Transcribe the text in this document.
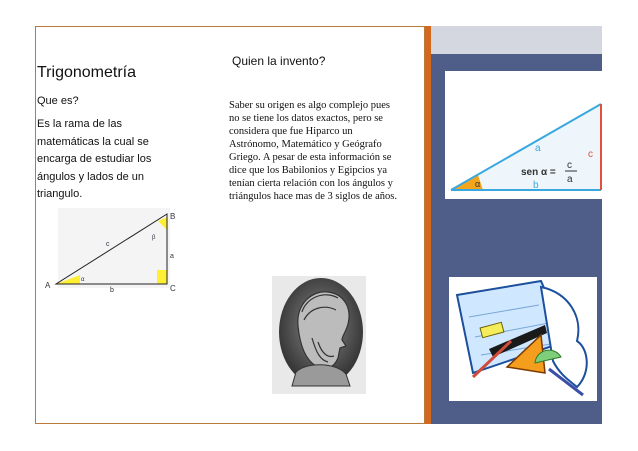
Trigonometría
Que es?
Es la rama de las matemáticas la cual se encarga de estudiar los ángulos y lados de un triangulo.
Quien la invento?
Saber su origen es algo complejo pues no se tiene los datos exactos, pero se considera que fue Hiparco un Astrónomo, Matemático y Geógrafo Griego. A pesar de esta información se dice que los Babilonios y Egipcios ya tenían cierta relación con los ángulos y triángulos hace mas de 3 siglos de años.
A
B
C
a
b
c
α
β
a
b
c
α
sen α =
c
a
